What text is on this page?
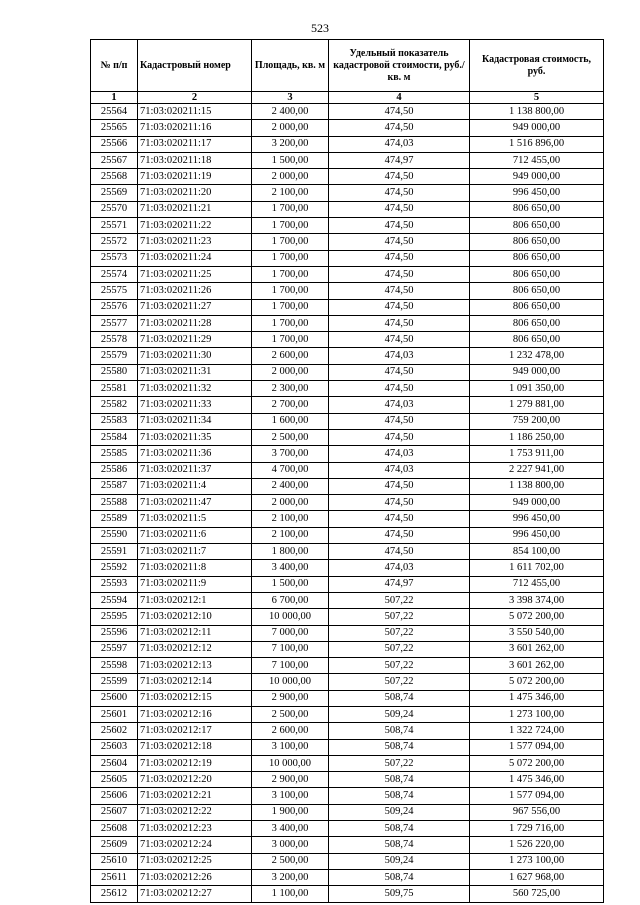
523
№ п/п	Кадастровый номер	Площадь, кв. м	Удельный показатель кадастровой стоимости, руб./кв. м	Кадастровая стоимость, руб.
1	2	3	4	5
25564	71:03:020211:15	2 400,00	474,50	1 138 800,00
25565	71:03:020211:16	2 000,00	474,50	949 000,00
25566	71:03:020211:17	3 200,00	474,03	1 516 896,00
25567	71:03:020211:18	1 500,00	474,97	712 455,00
25568	71:03:020211:19	2 000,00	474,50	949 000,00
25569	71:03:020211:20	2 100,00	474,50	996 450,00
25570	71:03:020211:21	1 700,00	474,50	806 650,00
25571	71:03:020211:22	1 700,00	474,50	806 650,00
25572	71:03:020211:23	1 700,00	474,50	806 650,00
25573	71:03:020211:24	1 700,00	474,50	806 650,00
25574	71:03:020211:25	1 700,00	474,50	806 650,00
25575	71:03:020211:26	1 700,00	474,50	806 650,00
25576	71:03:020211:27	1 700,00	474,50	806 650,00
25577	71:03:020211:28	1 700,00	474,50	806 650,00
25578	71:03:020211:29	1 700,00	474,50	806 650,00
25579	71:03:020211:30	2 600,00	474,03	1 232 478,00
25580	71:03:020211:31	2 000,00	474,50	949 000,00
25581	71:03:020211:32	2 300,00	474,50	1 091 350,00
25582	71:03:020211:33	2 700,00	474,03	1 279 881,00
25583	71:03:020211:34	1 600,00	474,50	759 200,00
25584	71:03:020211:35	2 500,00	474,50	1 186 250,00
25585	71:03:020211:36	3 700,00	474,03	1 753 911,00
25586	71:03:020211:37	4 700,00	474,03	2 227 941,00
25587	71:03:020211:4	2 400,00	474,50	1 138 800,00
25588	71:03:020211:47	2 000,00	474,50	949 000,00
25589	71:03:020211:5	2 100,00	474,50	996 450,00
25590	71:03:020211:6	2 100,00	474,50	996 450,00
25591	71:03:020211:7	1 800,00	474,50	854 100,00
25592	71:03:020211:8	3 400,00	474,03	1 611 702,00
25593	71:03:020211:9	1 500,00	474,97	712 455,00
25594	71:03:020212:1	6 700,00	507,22	3 398 374,00
25595	71:03:020212:10	10 000,00	507,22	5 072 200,00
25596	71:03:020212:11	7 000,00	507,22	3 550 540,00
25597	71:03:020212:12	7 100,00	507,22	3 601 262,00
25598	71:03:020212:13	7 100,00	507,22	3 601 262,00
25599	71:03:020212:14	10 000,00	507,22	5 072 200,00
25600	71:03:020212:15	2 900,00	508,74	1 475 346,00
25601	71:03:020212:16	2 500,00	509,24	1 273 100,00
25602	71:03:020212:17	2 600,00	508,74	1 322 724,00
25603	71:03:020212:18	3 100,00	508,74	1 577 094,00
25604	71:03:020212:19	10 000,00	507,22	5 072 200,00
25605	71:03:020212:20	2 900,00	508,74	1 475 346,00
25606	71:03:020212:21	3 100,00	508,74	1 577 094,00
25607	71:03:020212:22	1 900,00	509,24	967 556,00
25608	71:03:020212:23	3 400,00	508,74	1 729 716,00
25609	71:03:020212:24	3 000,00	508,74	1 526 220,00
25610	71:03:020212:25	2 500,00	509,24	1 273 100,00
25611	71:03:020212:26	3 200,00	508,74	1 627 968,00
25612	71:03:020212:27	1 100,00	509,75	560 725,00
